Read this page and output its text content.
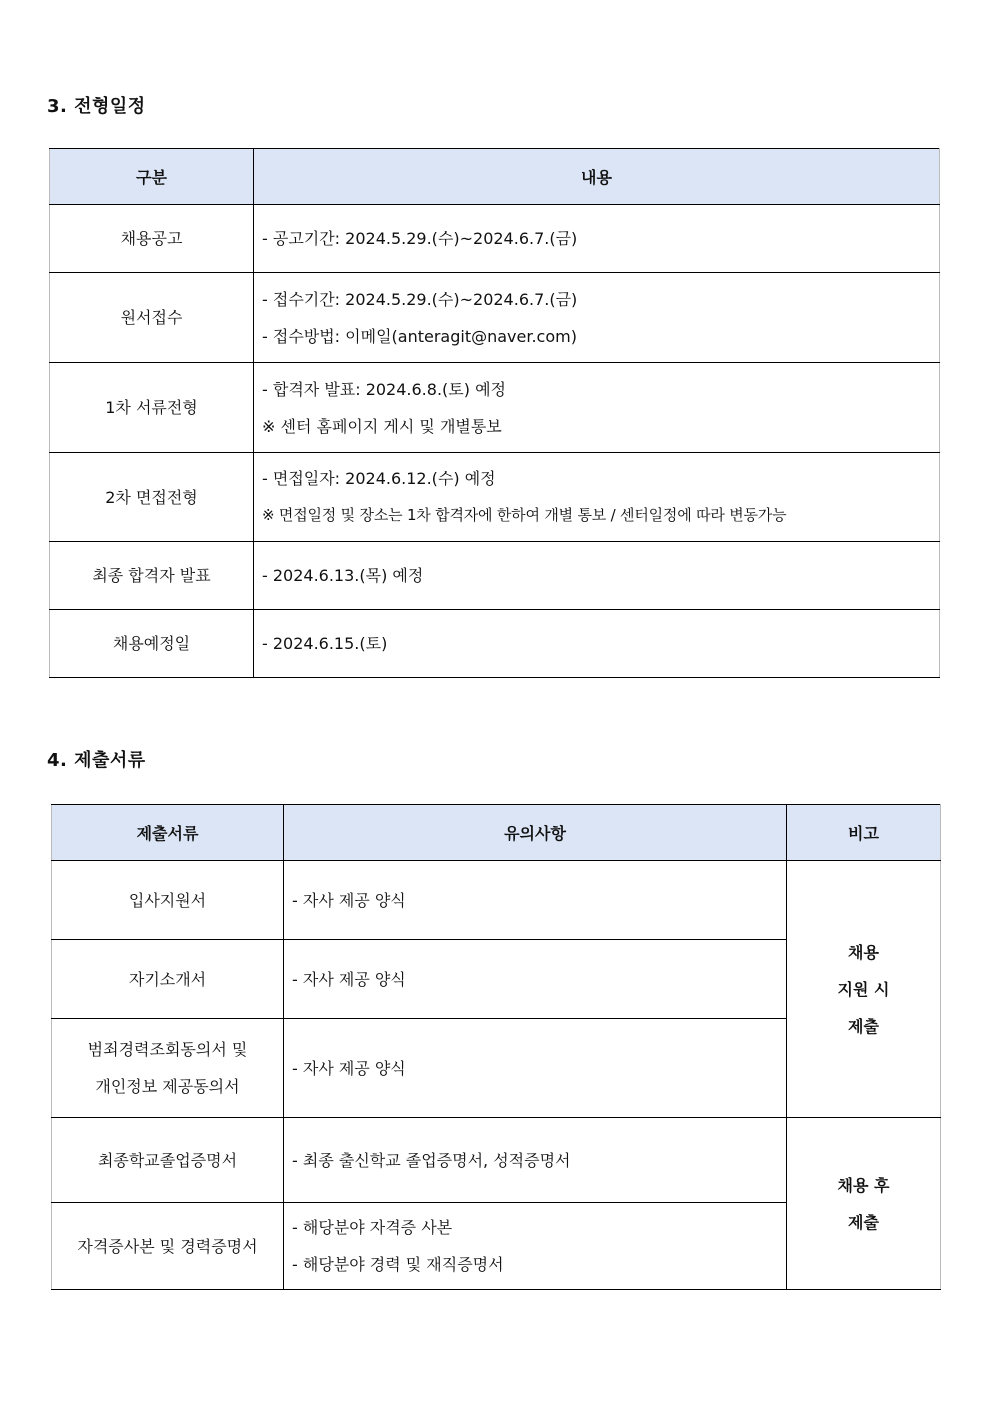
3. 전형일정
구분	내용
채용공고	- 공고기간: 2024.5.29.(수)~2024.6.7.(금)

원서접수	- 접수기간: 2024.5.29.(수)~2024.6.7.(금)
- 접수방법: 이메일(anteragit@naver.com)

1차 서류전형	- 합격자 발표: 2024.6.8.(토) 예정
※ 센터 홈페이지 게시 및 개별통보

2차 면접전형	- 면접일자: 2024.6.12.(수) 예정
※ 면접일정 및 장소는 1차 합격자에 한하여 개별 통보 / 센터일정에 따라 변동가능

최종 합격자 발표	- 2024.6.13.(목) 예정

채용예정일	- 2024.6.15.(토)
4. 제출서류
제출서류	유의사항	비고

입사지원서	- 자사 제공 양식	채용
지원 시
제출

자기소개서	- 자사 제공 양식	

범죄경력조회동의서 및
개인정보 제공동의서	- 자사 제공 양식	

최종학교졸업증명서	- 최종 출신학교 졸업증명서, 성적증명서	채용 후
제출

자격증사본 및 경력증명서	- 해당분야 자격증 사본
- 해당분야 경력 및 재직증명서	
